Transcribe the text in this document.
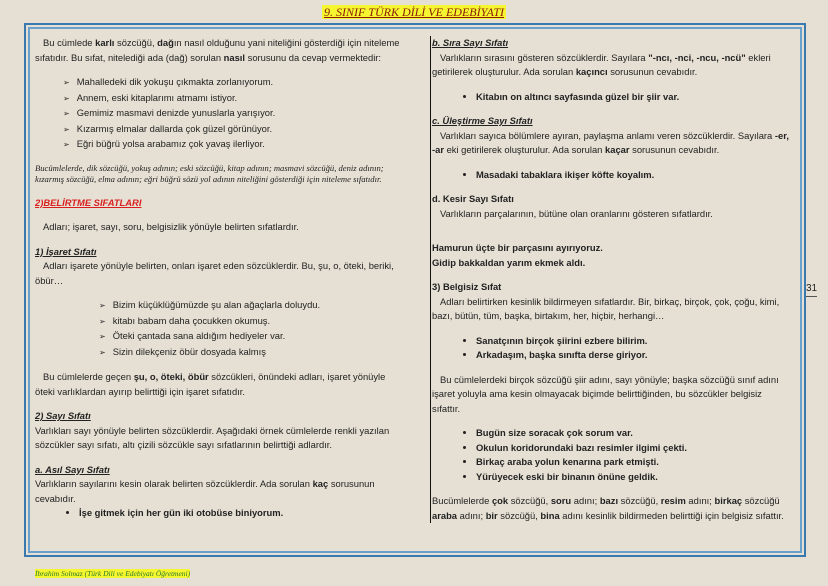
9. SINIF TÜRK DİLİ VE EDEBİYATI

Bu cümlede karlı sözcüğü, dağın nasıl olduğunu yani niteliğini gösterdiği için niteleme sıfatıdır. Bu sıfat, nitelediği ada (dağ) sorulan nasıl sorusunu da cevap vermektedir:

➢ Mahalledeki dik yokuşu çıkmakta zorlanıyorum.
➢ Annem, eski kitaplarımı atmamı istiyor.
➢ Gemimiz masmavi denizde yunuslarla yarışıyor.
➢ Kızarmış elmalar dallarda çok güzel görünüyor.
➢ Eğri büğrü yolsa arabamız çok yavaş ilerliyor.

Bucümlelerde, dik sözcüğü, yokuş adının; eski sözcüğü, kitap adının; masmavi sözcüğü, deniz adının; kızarmış sözcüğü, elma adının; eğri büğrü sözü yol adının niteliğini gösterdiği için niteleme sıfatıdır.

2)BELİRTME SIFATLARI

Adları; işaret, sayı, soru, belgisizlik yönüyle belirten sıfatlardır.

1) İşaret Sıfatı

Adları işarete yönüyle belirten, onları işaret eden sözcüklerdir. Bu, şu, o, öteki, beriki, öbür…

➢ Bizim küçüklüğümüzde şu alan ağaçlarla doluydu.
➢ kitabı babam daha çocukken okumuş.
➢ Öteki çantada sana aldığım hediyeler var.
➢ Sizin dilekçeniz öbür dosyada kalmış

Bu cümlelerde geçen şu, o, öteki, öbür sözcükleri, önündeki adları, işaret yönüyle öteki varlıklardan ayırıp belirttiği için işaret sıfatıdır.

2) Sayı Sıfatı

Varlıkları sayı yönüyle belirten sözcüklerdir. Aşağıdaki örnek cümlelerde renkli yazılan sözcükler sayı sıfatı, altı çizili sözcükle sayı sıfatlarının belirttiği adlardır.

a. Asıl Sayı Sıfatı

Varlıkların sayılarını kesin olarak belirten sözcüklerdir. Ada sorulan kaç sorusunun cevabıdır.

• İşe gitmek için her gün iki otobüse biniyorum.

b. Sıra Sayı Sıfatı

Varlıkların sırasını gösteren sözcüklerdir. Sayılara "-ncı, -nci, -ncu, -ncü" ekleri getirilerek oluşturulur. Ada sorulan kaçıncı sorusunun cevabıdır.

• Kitabın on altıncı sayfasında güzel bir şiir var.

c. Üleştirme Sayı Sıfatı

Varlıkları sayıca bölümlere ayıran, paylaşma anlamı veren sözcüklerdir. Sayılara -er, -ar eki getirilerek oluşturulur. Ada sorulan kaçar sorusunun cevabıdır.

• Masadaki tabaklara ikişer köfte koyalım.

d. Kesir Sayı Sıfatı

Varlıkların parçalarının, bütüne olan oranlarını gösteren sıfatlardır.

Hamurun üçte bir parçasını ayırıyoruz.

Gidip bakkaldan yarım ekmek aldı.

3) Belgisiz Sıfat

Adları belirtirken kesinlik bildirmeyen sıfatlardır. Bir, birkaç, birçok, çok, çoğu, kimi, bazı, bütün, tüm, başka, birtakım, her, hiçbir, herhangi…

• Sanatçının birçok şiirini ezbere bilirim.
• Arkadaşım, başka sınıfta derse giriyor.

Bu cümlelerdeki birçok sözcüğü şiir adını, sayı yönüyle; başka sözcüğü sınıf adını işaret yoluyla ama kesin olmayacak biçimde belirttiğinden, bu sözcükler belgisiz sıfattır.

• Bugün size soracak çok sorum var.
• Okulun koridorundaki bazı resimler ilgimi çekti.
• Birkaç araba yolun kenarına park etmişti.
• Yürüyecek eski bir binanın önüne geldik.

Bucümlelerde çok sözcüğü, soru adını; bazı sözcüğü, resim adını; birkaç sözcüğü araba adını; bir sözcüğü, bina adını kesinlik bildirmeden belirttiği için belgisiz sıfattır.

31
İbrahim Solmaz (Türk Dili ve Edebiyatı Öğretmeni)
